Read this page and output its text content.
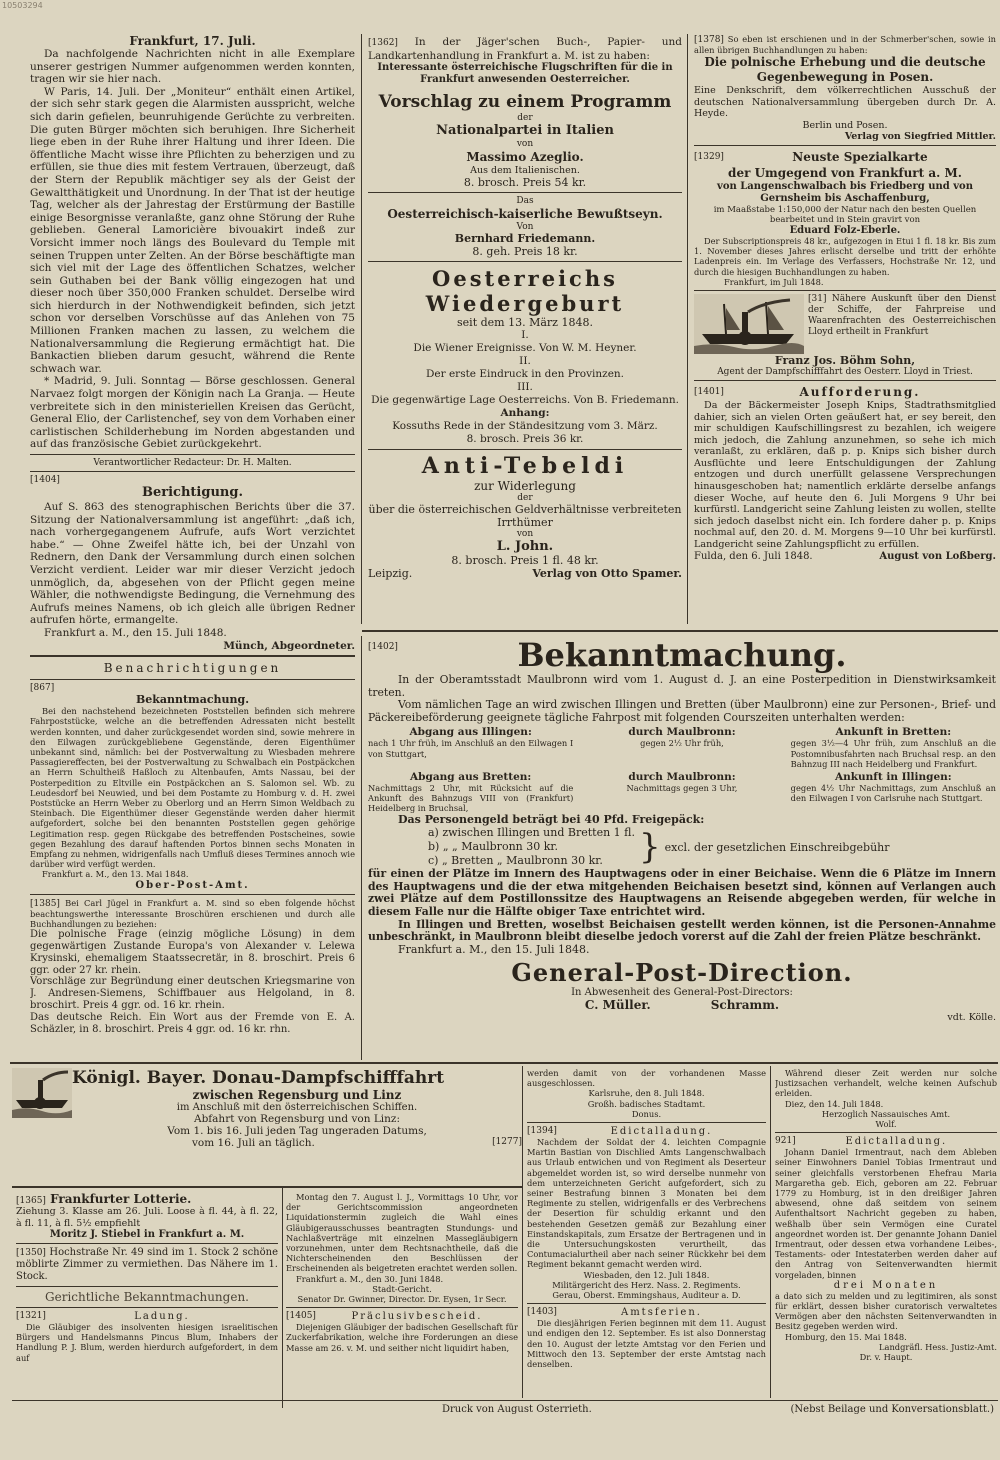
10503294

Frankfurt, 17. Juli.

Da nachfolgende Nachrichten nicht in alle Exemplare unserer gestrigen Nummer aufgenommen werden konnten, tragen wir sie hier nach.

W Paris, 14. Juli. Der „Moniteur“ enthält einen Artikel, der sich sehr stark gegen die Alarmisten ausspricht, welche sich darin gefielen, beunruhigende Gerüchte zu verbreiten. Die guten Bürger möchten sich beruhigen. Ihre Sicherheit liege eben in der Ruhe ihrer Haltung und ihrer Ideen. Die öffentliche Macht wisse ihre Pflichten zu beherzigen und zu erfüllen, sie thue dies mit festem Vertrauen, überzeugt, daß der Stern der Republik mächtiger sey als der Geist der Gewaltthätigkeit und Unordnung. In der That ist der heutige Tag, welcher als der Jahrestag der Erstürmung der Bastille einige Besorgnisse veranlaßte, ganz ohne Störung der Ruhe geblieben. General Lamoricière bivouakirt indeß zur Vorsicht immer noch längs des Boulevard du Temple mit seinen Truppen unter Zelten. An der Börse beschäftigte man sich viel mit der Lage des öffentlichen Schatzes, welcher sein Guthaben bei der Bank völlig eingezogen hat und dieser noch über 350,000 Franken schuldet. Derselbe wird sich hierdurch in der Nothwendigkeit befinden, sich jetzt schon vor derselben Vorschüsse auf das Anlehen von 75 Millionen Franken machen zu lassen, zu welchem die Nationalversammlung die Regierung ermächtigt hat. Die Bankactien blieben darum gesucht, während die Rente schwach war.

* Madrid, 9. Juli. Sonntag — Börse geschlossen. General Narvaez folgt morgen der Königin nach La Granja. — Heute verbreitete sich in den ministeriellen Kreisen das Gerücht, General Elio, der Carlistenchef, sey von dem Vorhaben einer carlistischen Schilderhebung im Norden abgestanden und auf das französische Gebiet zurückgekehrt.

Verantwortlicher Redacteur: Dr. H. Malten.

[1404]

Berichtigung.

Auf S. 863 des stenographischen Berichts über die 37. Sitzung der Nationalversammlung ist angeführt: „daß ich, nach vorhergegangenem Aufrufe, aufs Wort verzichtet habe.“ — Ohne Zweifel hätte ich, bei der Unzahl von Rednern, den Dank der Versammlung durch einen solchen Verzicht verdient. Leider war mir dieser Verzicht jedoch unmöglich, da, abgesehen von der Pflicht gegen meine Wähler, die nothwendigste Bedingung, die Vernehmung des Aufrufs meines Namens, ob ich gleich alle übrigen Redner aufrufen hörte, ermangelte.

Frankfurt a. M., den 15. Juli 1848.

Münch, Abgeordneter.

Benachrichtigungen

[867]

Bekanntmachung.

Bei den nachstehend bezeichneten Poststellen befinden sich mehrere Fahrpoststücke, welche an die betreffenden Adressaten nicht bestellt werden konnten, und daher zurückgesendet worden sind, sowie mehrere in den Eilwagen zurückgebliebene Gegenstände, deren Eigenthümer unbekannt sind, nämlich: bei der Postverwaltung zu Wiesbaden mehrere Passagiereffecten, bei der Postverwaltung zu Schwalbach ein Postpäckchen an Herrn Schultheiß Haßloch zu Altenbaufen, Amts Nassau, bei der Posterpedition zu Eltville ein Postpäckchen an S. Salomon sel. Wb. zu Leudesdorf bei Neuwied, und bei dem Postamte zu Homburg v. d. H. zwei Poststücke an Herrn Weber zu Oberlorg und an Herrn Simon Weldbach zu Steinbach. Die Eigenthümer dieser Gegenstände werden daher hiermit aufgefordert, solche bei den benannten Poststellen gegen gehörige Legitimation resp. gegen Rückgabe des betreffenden Postscheines, sowie gegen Bezahlung des darauf haftenden Portos binnen sechs Monaten in Empfang zu nehmen, widrigenfalls nach Umfluß dieses Termines annoch wie darüber wird verfügt werden.

Frankfurt a. M., den 13. Mai 1848.

Ober-Post-Amt.

[1385] Bei Carl Jügel in Frankfurt a. M. sind so eben folgende höchst beachtungswerthe interessante Broschüren erschienen und durch alle Buchhandlungen zu beziehen:

Die polnische Frage (einzig mögliche Lösung) in dem gegenwärtigen Zustande Europa's von Alexander v. Lelewa Krysinski, ehemaligem Staatssecretär, in 8. broschirt. Preis 6 ggr. oder 27 kr. rhein.

Vorschläge zur Begründung einer deutschen Kriegsmarine von J. Andresen-Siemens, Schiffbauer aus Helgoland, in 8. broschirt. Preis 4 ggr. od. 16 kr. rhein.

Das deutsche Reich. Ein Wort aus der Fremde von E. A. Schäzler, in 8. broschirt. Preis 4 ggr. od. 16 kr. rhn.

[1362] In der Jäger'schen Buch-, Papier- und Landkartenhandlung in Frankfurt a. M. ist zu haben:

Interessante österreichische Flugschriften für die in Frankfurt anwesenden Oesterreicher.

Vorschlag zu einem Programm

der

Nationalpartei in Italien

von

Massimo Azeglio.

Aus dem Italienischen.

8. brosch. Preis 54 kr.

Das

Oesterreichisch-kaiserliche Bewußtseyn.

Von

Bernhard Friedemann.

8. geh. Preis 18 kr.

Oesterreichs Wiedergeburt

seit dem 13. März 1848.

I.

Die Wiener Ereignisse. Von W. M. Heyner.

II.

Der erste Eindruck in den Provinzen.

III.

Die gegenwärtige Lage Oesterreichs. Von B. Friedemann.

Anhang:

Kossuths Rede in der Ständesitzung vom 3. März.

8. brosch. Preis 36 kr.

Anti-Tebeldi

zur Widerlegung

der

über die österreichischen Geldverhältnisse verbreiteten Irrthümer

von

L. John.

8. brosch. Preis 1 fl. 48 kr.

Leipzig.	Verlag von Otto Spamer.

[1378] So eben ist erschienen und in der Schmerber'schen, sowie in allen übrigen Buchhandlungen zu haben:

Die polnische Erhebung und die deutsche Gegenbewegung in Posen.

Eine Denkschrift, dem völkerrechtlichen Ausschuß der deutschen Nationalversammlung übergeben durch Dr. A. Heyde.

Berlin und Posen.

Verlag von Siegfried Mittler.

[1329]	Neuste Spezialkarte

der Umgegend von Frankfurt a. M.

von Langenschwalbach bis Friedberg und von Gernsheim bis Aschaffenburg,

im Maaßstabe 1:150,000 der Natur nach den besten Quellen bearbeitet und in Stein gravirt von

Eduard Folz-Eberle.

Der Subscriptionspreis 48 kr., aufgezogen in Etui 1 fl. 18 kr. Bis zum 1. November dieses Jahres erlischt derselbe und tritt der erhöhte Ladenpreis ein. Im Verlage des Verfassers, Hochstraße Nr. 12, und durch die hiesigen Buchhandlungen zu haben.

Frankfurt, im Juli 1848.

[31] Nähere Auskunft über den Dienst der Schiffe, der Fahrpreise und Waarenfrachten des Oesterreichischen Lloyd ertheilt in Frankfurt

Franz Jos. Böhm Sohn,

Agent der Dampfschifffahrt des Oesterr. Lloyd in Triest.

[1401]	Aufforderung.

Da der Bäckermeister Joseph Knips, Stadtrathsmitglied dahier, sich an vielen Orten geäußert hat, er sey bereit, den mir schuldigen Kaufschillingsrest zu bezahlen, ich weigere mich jedoch, die Zahlung anzunehmen, so sehe ich mich veranlaßt, zu erklären, daß p. p. Knips sich bisher durch Ausflüchte und leere Entschuldigungen der Zahlung entzogen und durch unerfüllt gelassene Versprechungen hinausgeschoben hat; namentlich erklärte derselbe anfangs dieser Woche, auf heute den 6. Juli Morgens 9 Uhr bei kurfürstl. Landgericht seine Zahlung leisten zu wollen, stellte sich jedoch daselbst nicht ein. Ich fordere daher p. p. Knips nochmal auf, den 20. d. M. Morgens 9—10 Uhr bei kurfürstl. Landgericht seine Zahlungspflicht zu erfüllen.

Fulda, den 6. Juli 1848.	August von Loßberg.
[1402]	Bekanntmachung.

In der Oberamtsstadt Maulbronn wird vom 1. August d. J. an eine Posterpedition in Dienstwirksamkeit treten.

Vom nämlichen Tage an wird zwischen Illingen und Bretten (über Maulbronn) eine zur Personen-, Brief- und Päckereibeförderung geeignete tägliche Fahrpost mit folgenden Courszeiten unterhalten werden:

Abgang aus Illingen:

nach 1 Uhr früh, im Anschluß an den Eilwagen I von Stuttgart,

durch Maulbronn:

gegen 2½ Uhr früh,

Ankunft in Bretten:

gegen 3½—4 Uhr früh, zum Anschluß an die Postomnibusfahrten nach Bruchsal resp. an den Bahnzug III nach Heidelberg und Frankfurt.

Abgang aus Bretten:

Nachmittags 2 Uhr, mit Rücksicht auf die Ankunft des Bahnzugs VIII von (Frankfurt) Heidelberg in Bruchsal,

durch Maulbronn:

Nachmittags gegen 3 Uhr,

Ankunft in Illingen:

gegen 4½ Uhr Nachmittags, zum Anschluß an den Eilwagen I von Carlsruhe nach Stuttgart.

Das Personengeld beträgt bei 40 Pfd. Freigepäck:

a) zwischen Illingen und Bretten 1 fl.

b) „ „ Maulbronn 30 kr.

c) „ Bretten „ Maulbronn 30 kr.	} excl. der gesetzlichen Einschreibgebühr

für einen der Plätze im Innern des Hauptwagens oder in einer Beichaise. Wenn die 6 Plätze im Innern des Hauptwagens und die der etwa mitgehenden Beichaisen besetzt sind, können auf Verlangen auch zwei Plätze auf dem Postillonssitze des Hauptwagens an Reisende abgegeben werden, für welche in diesem Falle nur die Hälfte obiger Taxe entrichtet wird.

In Illingen und Bretten, woselbst Beichaisen gestellt werden können, ist die Personen-Annahme unbeschränkt, in Maulbronn bleibt dieselbe jedoch vorerst auf die Zahl der freien Plätze beschränkt.

Frankfurt a. M., den 15. Juli 1848.

General-Post-Direction.

In Abwesenheit des General-Post-Directors:

C. Müller.	Schramm.

vdt. Kölle.

Königl. Bayer. Donau-Dampfschifffahrt

zwischen Regensburg und Linz

im Anschluß mit den österreichischen Schiffen.

Abfahrt von Regensburg und von Linz:

Vom 1. bis 16. Juli jeden Tag ungeraden Datums,

vom 16. Juli an täglich.	[1277]

[1365] Frankfurter Lotterie.

Ziehung 3. Klasse am 26. Juli. Loose à fl. 44, à fl. 22, à fl. 11, à fl. 5½ empfiehlt

Moritz J. Stiebel in Frankfurt a. M.

[1350] Hochstraße Nr. 49 sind im 1. Stock 2 schöne möblirte Zimmer zu vermiethen. Das Nähere im 1. Stock.

Gerichtliche Bekanntmachungen.

[1321]	Ladung.

Die Gläubiger des insolventen hiesigen israelitischen Bürgers und Handelsmanns Pincus Blum, Inhabers der Handlung P. J. Blum, werden hierdurch aufgefordert, in dem auf

Montag den 7. August l. J., Vormittags 10 Uhr, vor der Gerichtscommission angeordneten Liquidationstermin zugleich die Wahl eines Gläubigerausschusses beantragten Stundungs- und Nachlaßverträge mit einzelnen Massegläubigern vorzunehmen, unter dem Rechtsnachtheile, daß die Nichterscheinenden den Beschlüssen der Erscheinenden als beigetreten erachtet werden sollen.

Frankfurt a. M., den 30. Juni 1848.

Stadt-Gericht.

Senator Dr. Gwinner, Director. Dr. Eysen, 1r Secr.

[1405]	Präclusivbescheid.

Diejenigen Gläubiger der badischen Gesellschaft für Zuckerfabrikation, welche ihre Forderungen an diese Masse am 26. v. M. und seither nicht liquidirt haben,

werden damit von der vorhandenen Masse ausgeschlossen.

Karlsruhe, den 8. Juli 1848.

Großh. badisches Stadtamt.

Donus.

[1394]	Edictalladung.

Nachdem der Soldat der 4. leichten Compagnie Martin Bastian von Dischlied Amts Langenschwalbach aus Urlaub entwichen und von Regiment als Deserteur abgemeldet worden ist, so wird derselbe nunmehr von dem unterzeichneten Gericht aufgefordert, sich zu seiner Bestrafung binnen 3 Monaten bei dem Regimente zu stellen, widrigenfalls er des Verbrechens der Desertion für schuldig erkannt und den bestehenden Gesetzen gemäß zur Bezahlung einer Einstandskapitals, zum Ersatze der Bertragenen und in die Untersuchungskosten verurtheilt, das Contumacialurtheil aber nach seiner Rückkehr bei dem Regiment bekannt gemacht werden wird.

Wiesbaden, den 12. Juli 1848.

Militärgericht des Herz. Nass. 2. Regiments.

Gerau, Oberst. Emmingshaus, Auditeur a. D.

[1403]	Amtsferien.

Die diesjährigen Ferien beginnen mit dem 11. August und endigen den 12. September. Es ist also Donnerstag den 10. August der letzte Amtstag vor den Ferien und Mittwoch den 13. September der erste Amtstag nach denselben.

Während dieser Zeit werden nur solche Justizsachen verhandelt, welche keinen Aufschub erleiden.

Diez, den 14. Juli 1848.

Herzoglich Nassauisches Amt.

Wolf.

921]	Edictalladung.

Johann Daniel Irmentraut, nach dem Ableben seiner Einwohners Daniel Tobias Irmentraut und seiner gleichfalls verstorbenen Ehefrau Maria Margaretha geb. Eich, geboren am 22. Februar 1779 zu Homburg, ist in den dreißiger Jahren abwesend, ohne daß seitdem von seinem Aufenthaltsort Nachricht gegeben zu haben, weßhalb über sein Vermögen eine Curatel angeordnet worden ist. Der genannte Johann Daniel Irmentraut, oder dessen etwa vorhandene Leibes-, Testaments- oder Intestaterben werden daher auf den Antrag von Seitenverwandten hiermit vorgeladen, binnen

drei Monaten

a dato sich zu melden und zu legitimiren, als sonst für erklärt, dessen bisher curatorisch verwaltetes Vermögen aber den nächsten Seitenverwandten in Besitz gegeben werden wird.

Homburg, den 15. Mai 1848.

Landgräfl. Hess. Justiz-Amt.

Dr. v. Haupt.

Druck von August Osterrieth.	(Nebst Beilage und Konversationsblatt.)
